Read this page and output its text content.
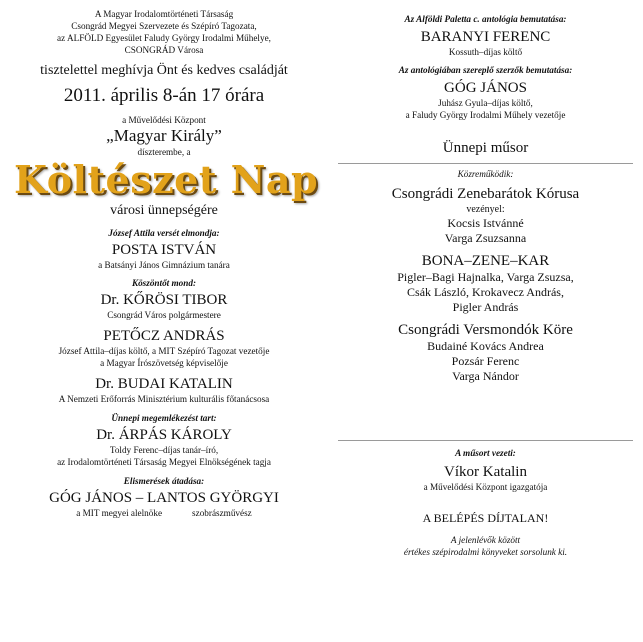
A Magyar Irodalomtörténeti Társaság
Csongrád Megyei Szervezete és Szépíró Tagozata,
az ALFÖLD Egyesület Faludy György Irodalmi Műhelye,
CSONGRÁD Városa
tisztelettel meghívja Önt és kedves családját
2011. április 8-án 17 órára
a Művelődési Központ
„Magyar Király”
díszterembe, a
Költészet Nap
városi ünnepségére
József Attila versét elmondja:
POSTA ISTVÁN
a Batsányi János Gimnázium tanára
Köszöntőt mond:
Dr. KŐRÖSI TIBOR
Csongrád Város polgármestere
PETŐCZ ANDRÁS
József Attila–díjas költő, a MIT Szépíró Tagozat vezetője
a Magyar Írószövetség képviselője
Dr. BUDAI KATALIN
A Nemzeti Erőforrás Minisztérium kulturális főtanácsosa
Ünnepi megemlékezést tart:
Dr. ÁRPÁS KÁROLY
Toldy Ferenc–díjas tanár–író,
az Irodalomtörténeti Társaság Megyei Elnökségének tagja
Elismerések átadása:
GÓG JÁNOS – LANTOS GYÖRGYI
a MIT megyei alelnöke	szobrászművész
Az Alföldi Paletta c. antológia bemutatása:
BARANYI FERENC
Kossuth–díjas költő
Az antológiában szereplő szerzők bemutatása:
GÓG JÁNOS
Juhász Gyula–díjas költő,
a Faludy György Irodalmi Műhely vezetője
Ünnepi műsor
Közreműködik:
Csongrádi Zenebarátok Kórusa
vezényel:
Kocsis Istvánné
Varga Zsuzsanna
BONA–ZENE–KAR
Pigler–Bagi Hajnalka, Varga Zsuzsa,
Csák László, Krokavecz András,
Pigler András
Csongrádi Versmondók Köre
Budainé Kovács Andrea
Pozsár Ferenc
Varga Nándor
A műsort vezeti:
Víkor Katalin
a Művelődési Központ igazgatója
A BELÉPÉS DÍJTALAN!
A jelenlévők között
értékes szépirodalmi könyveket sorsolunk ki.
